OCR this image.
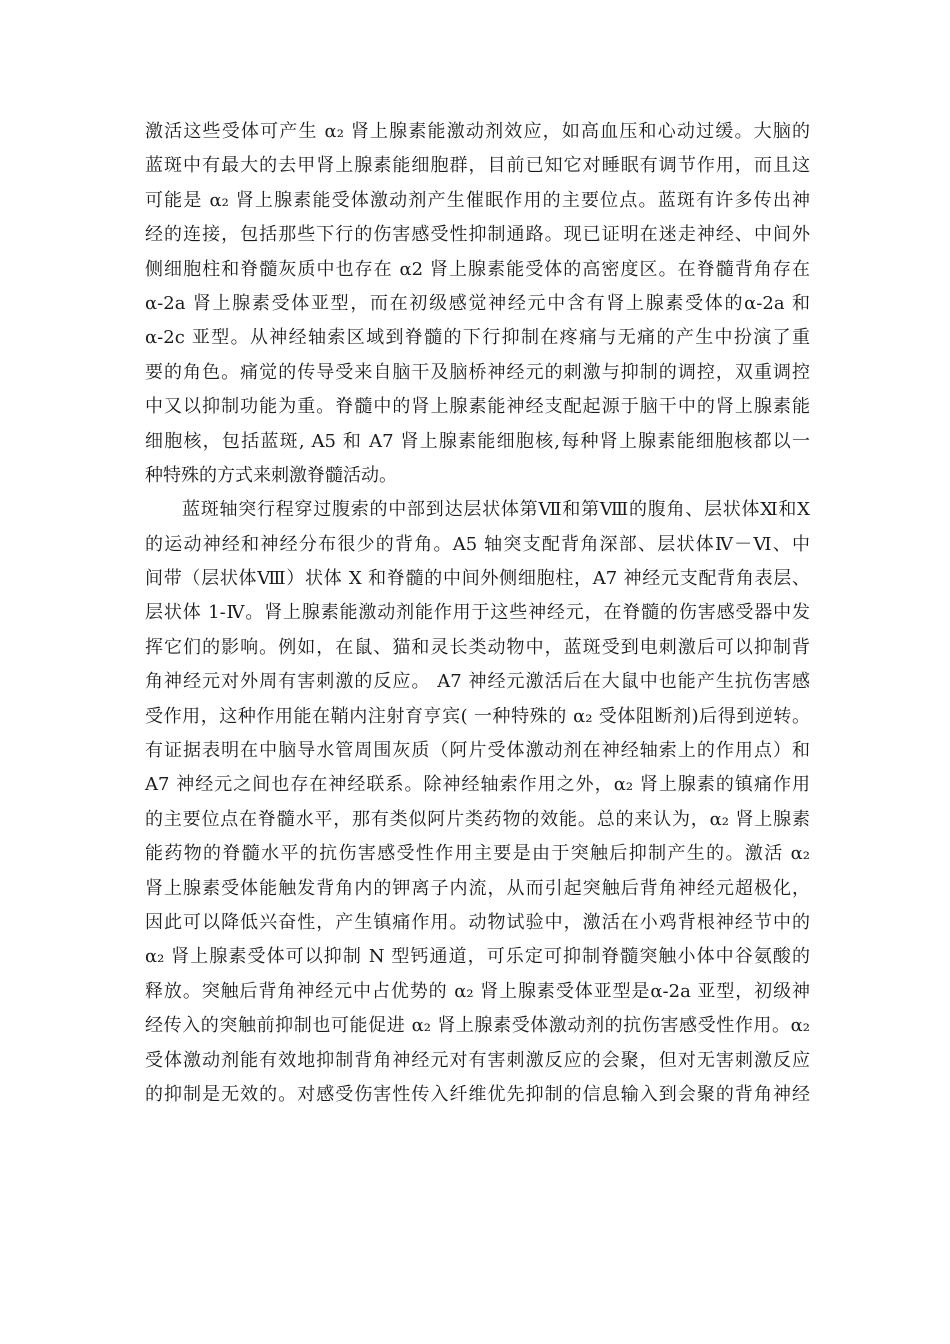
激活这些受体可产生 α₂ 肾上腺素能激动剂效应，如高血压和心动过缓。大脑的
蓝斑中有最大的去甲肾上腺素能细胞群，目前已知它对睡眠有调节作用，而且这
可能是 α₂ 肾上腺素能受体激动剂产生催眠作用的主要位点。蓝斑有许多传出神
经的连接，包括那些下行的伤害感受性抑制通路。现已证明在迷走神经、中间外
侧细胞柱和脊髓灰质中也存在 α2 肾上腺素能受体的高密度区。在脊髓背角存在
α-2a 肾上腺素受体亚型，而在初级感觉神经元中含有肾上腺素受体的α-2a 和
α-2c 亚型。从神经轴索区域到脊髓的下行抑制在疼痛与无痛的产生中扮演了重
要的角色。痛觉的传导受来自脑干及脑桥神经元的刺激与抑制的调控，双重调控
中又以抑制功能为重。脊髓中的肾上腺素能神经支配起源于脑干中的肾上腺素能
细胞核，包括蓝斑, A5 和 A7 肾上腺素能细胞核,每种肾上腺素能细胞核都以一
种特殊的方式来刺激脊髓活动。
蓝斑轴突行程穿过腹索的中部到达层状体第Ⅶ和第Ⅷ的腹角、层状体Ⅺ和Ⅹ
的运动神经和神经分布很少的背角。A5 轴突支配背角深部、层状体Ⅳ－Ⅵ、中
间带（层状体Ⅷ）状体 X 和脊髓的中间外侧细胞柱，A7 神经元支配背角表层、
层状体 1-Ⅳ。肾上腺素能激动剂能作用于这些神经元，在脊髓的伤害感受器中发
挥它们的影响。例如，在鼠、猫和灵长类动物中，蓝斑受到电刺激后可以抑制背
角神经元对外周有害刺激的反应。 A7 神经元激活后在大鼠中也能产生抗伤害感
受作用，这种作用能在鞘内注射育亨宾( 一种特殊的 α₂ 受体阻断剂)后得到逆转。
有证据表明在中脑导水管周围灰质（阿片受体激动剂在神经轴索上的作用点）和
A7 神经元之间也存在神经联系。除神经轴索作用之外，α₂ 肾上腺素的镇痛作用
的主要位点在脊髓水平，那有类似阿片类药物的效能。总的来认为，α₂ 肾上腺素
能药物的脊髓水平的抗伤害感受性作用主要是由于突触后抑制产生的。激活 α₂
肾上腺素受体能触发背角内的钾离子内流，从而引起突触后背角神经元超极化，
因此可以降低兴奋性，产生镇痛作用。动物试验中，激活在小鸡背根神经节中的
α₂ 肾上腺素受体可以抑制 N 型钙通道，可乐定可抑制脊髓突触小体中谷氨酸的
释放。突触后背角神经元中占优势的 α₂ 肾上腺素受体亚型是α-2a 亚型，初级神
经传入的突触前抑制也可能促进 α₂ 肾上腺素受体激动剂的抗伤害感受性作用。α₂
受体激动剂能有效地抑制背角神经元对有害刺激反应的会聚，但对无害刺激反应
的抑制是无效的。对感受伤害性传入纤维优先抑制的信息输入到会聚的背角神经
